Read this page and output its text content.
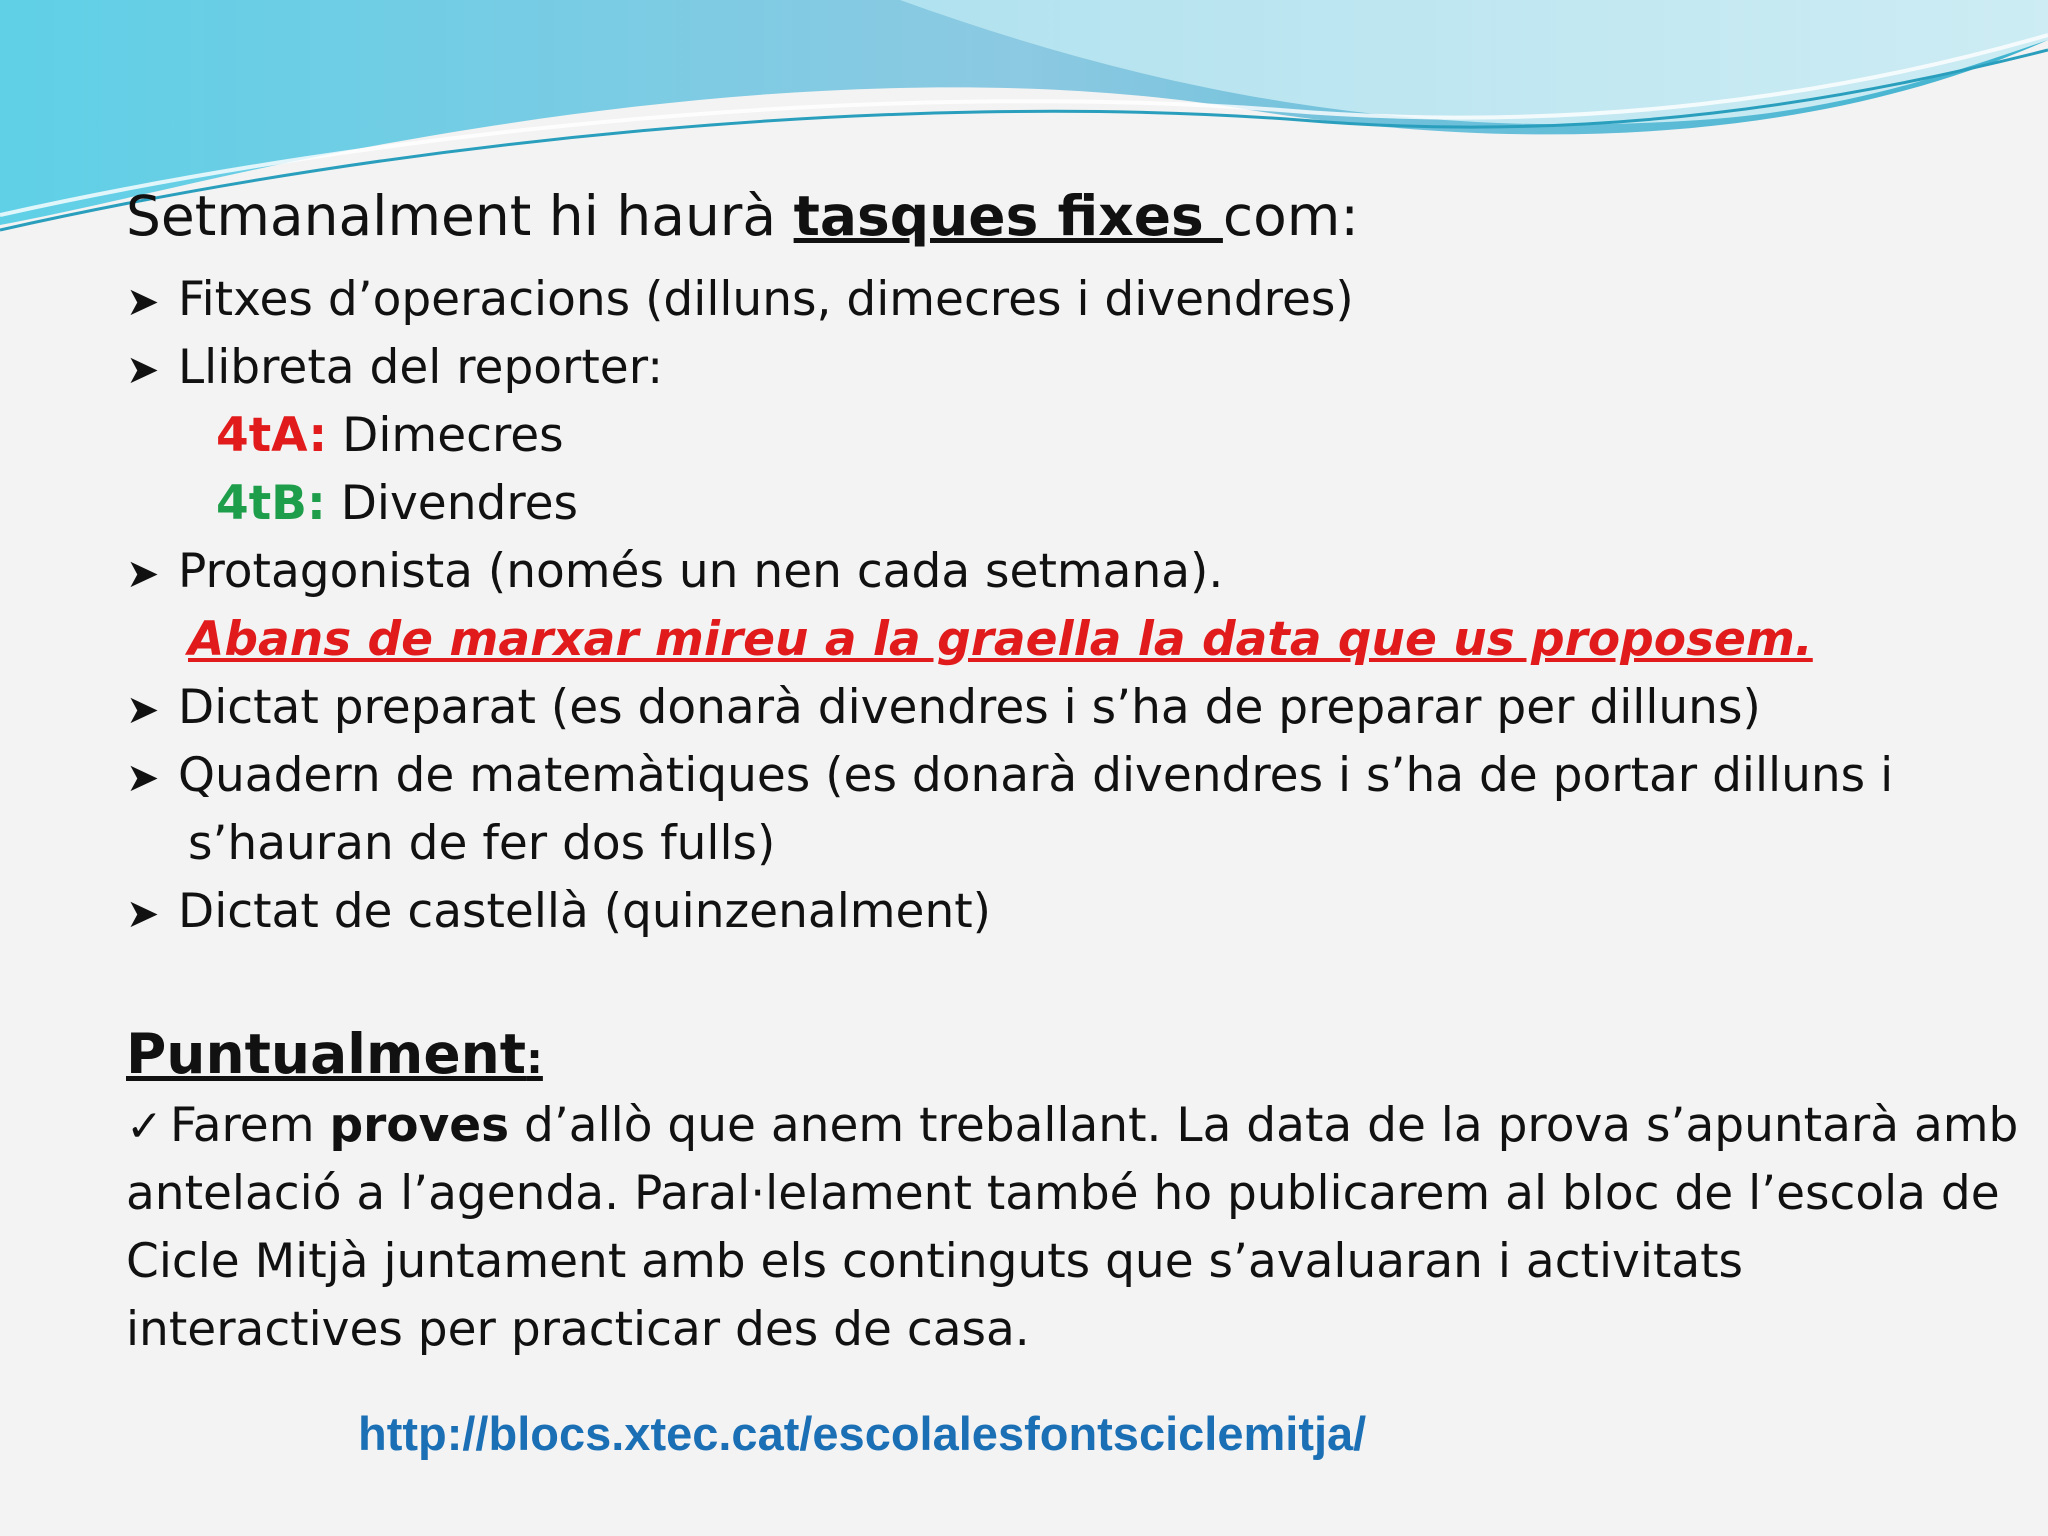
Setmanalment hi haurà tasques fixes com:
➤ Fitxes d’operacions (dilluns, dimecres i divendres)
➤ Llibreta del reporter:
4tA: Dimecres
4tB: Divendres
➤ Protagonista (només un nen cada setmana).
Abans de marxar mireu a la graella la data que us proposem.
➤ Dictat preparat (es donarà divendres i s’ha de preparar per dilluns)
➤ Quadern de matemàtiques (es donarà divendres i s’ha de portar dilluns i
s’hauran de fer dos fulls)
➤ Dictat de castellà (quinzenalment)
Puntualment:
✓ Farem proves d’allò que anem treballant. La data de la prova s’apuntarà amb
antelació a l’agenda. Paral·lelament també ho publicarem al bloc de l’escola de
Cicle Mitjà juntament amb els continguts que s’avaluaran i activitats
interactives per practicar des de casa.
http://blocs.xtec.cat/escolalesfontsciclemitja/
